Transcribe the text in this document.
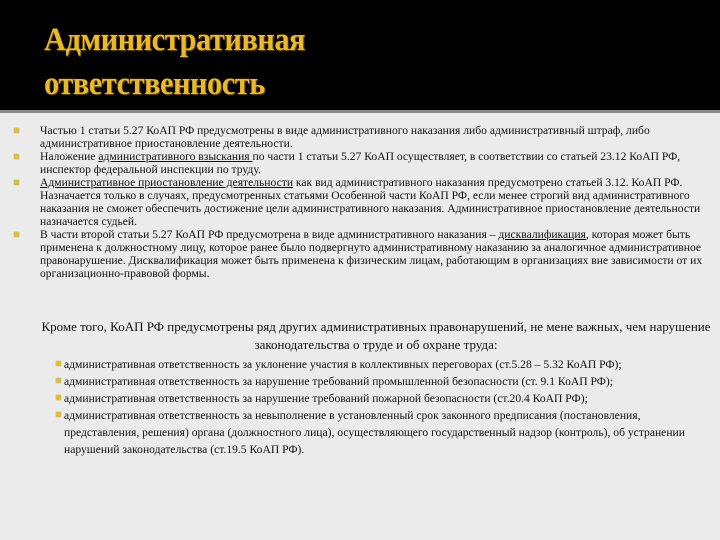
Административная
ответственность
Частью 1 статьи 5.27 КоАП РФ предусмотрены в виде административного наказания либо административный штраф, либо административное приостановление деятельности.
Наложение административного взыскания по части 1 статьи 5.27 КоАП осуществляет, в соответствии со статьей 23.12 КоАП РФ, инспектор федеральной инспекции по труду.
Административное приостановление деятельности как вид административного наказания предусмотрено статьей 3.12. КоАП РФ. Назначается только в случаях, предусмотренных статьями Особенной части КоАП РФ, если менее строгий вид административного наказания не сможет обеспечить достижение цели административного наказания. Административное приостановление деятельности назначается судьей.
В части второй статьи 5.27 КоАП РФ предусмотрена в виде административного наказания – дисквалификация, которая может быть применена к должностному лицу, которое ранее было подвергнуто административному наказанию за аналогичное административное правонарушение. Дисквалификация может быть применена к физическим лицам, работающим в организациях вне зависимости от их организационно-правовой формы.
Кроме того, КоАП РФ предусмотрены ряд других административных правонарушений, не мене важных, чем нарушение законодательства о труде и об охране труда:
административная ответственность за уклонение участия в коллективных переговорах (ст.5.28 – 5.32 КоАП РФ);
административная ответственность за нарушение требований промышленной безопасности (ст. 9.1 КоАП РФ);
административная ответственность за нарушение требований пожарной безопасности (ст.20.4 КоАП РФ);
административная ответственность за невыполнение в установленный срок законного предписания (постановления, представления, решения) органа (должностного лица), осуществляющего государственный надзор (контроль), об устранении нарушений законодательства (ст.19.5 КоАП РФ).
